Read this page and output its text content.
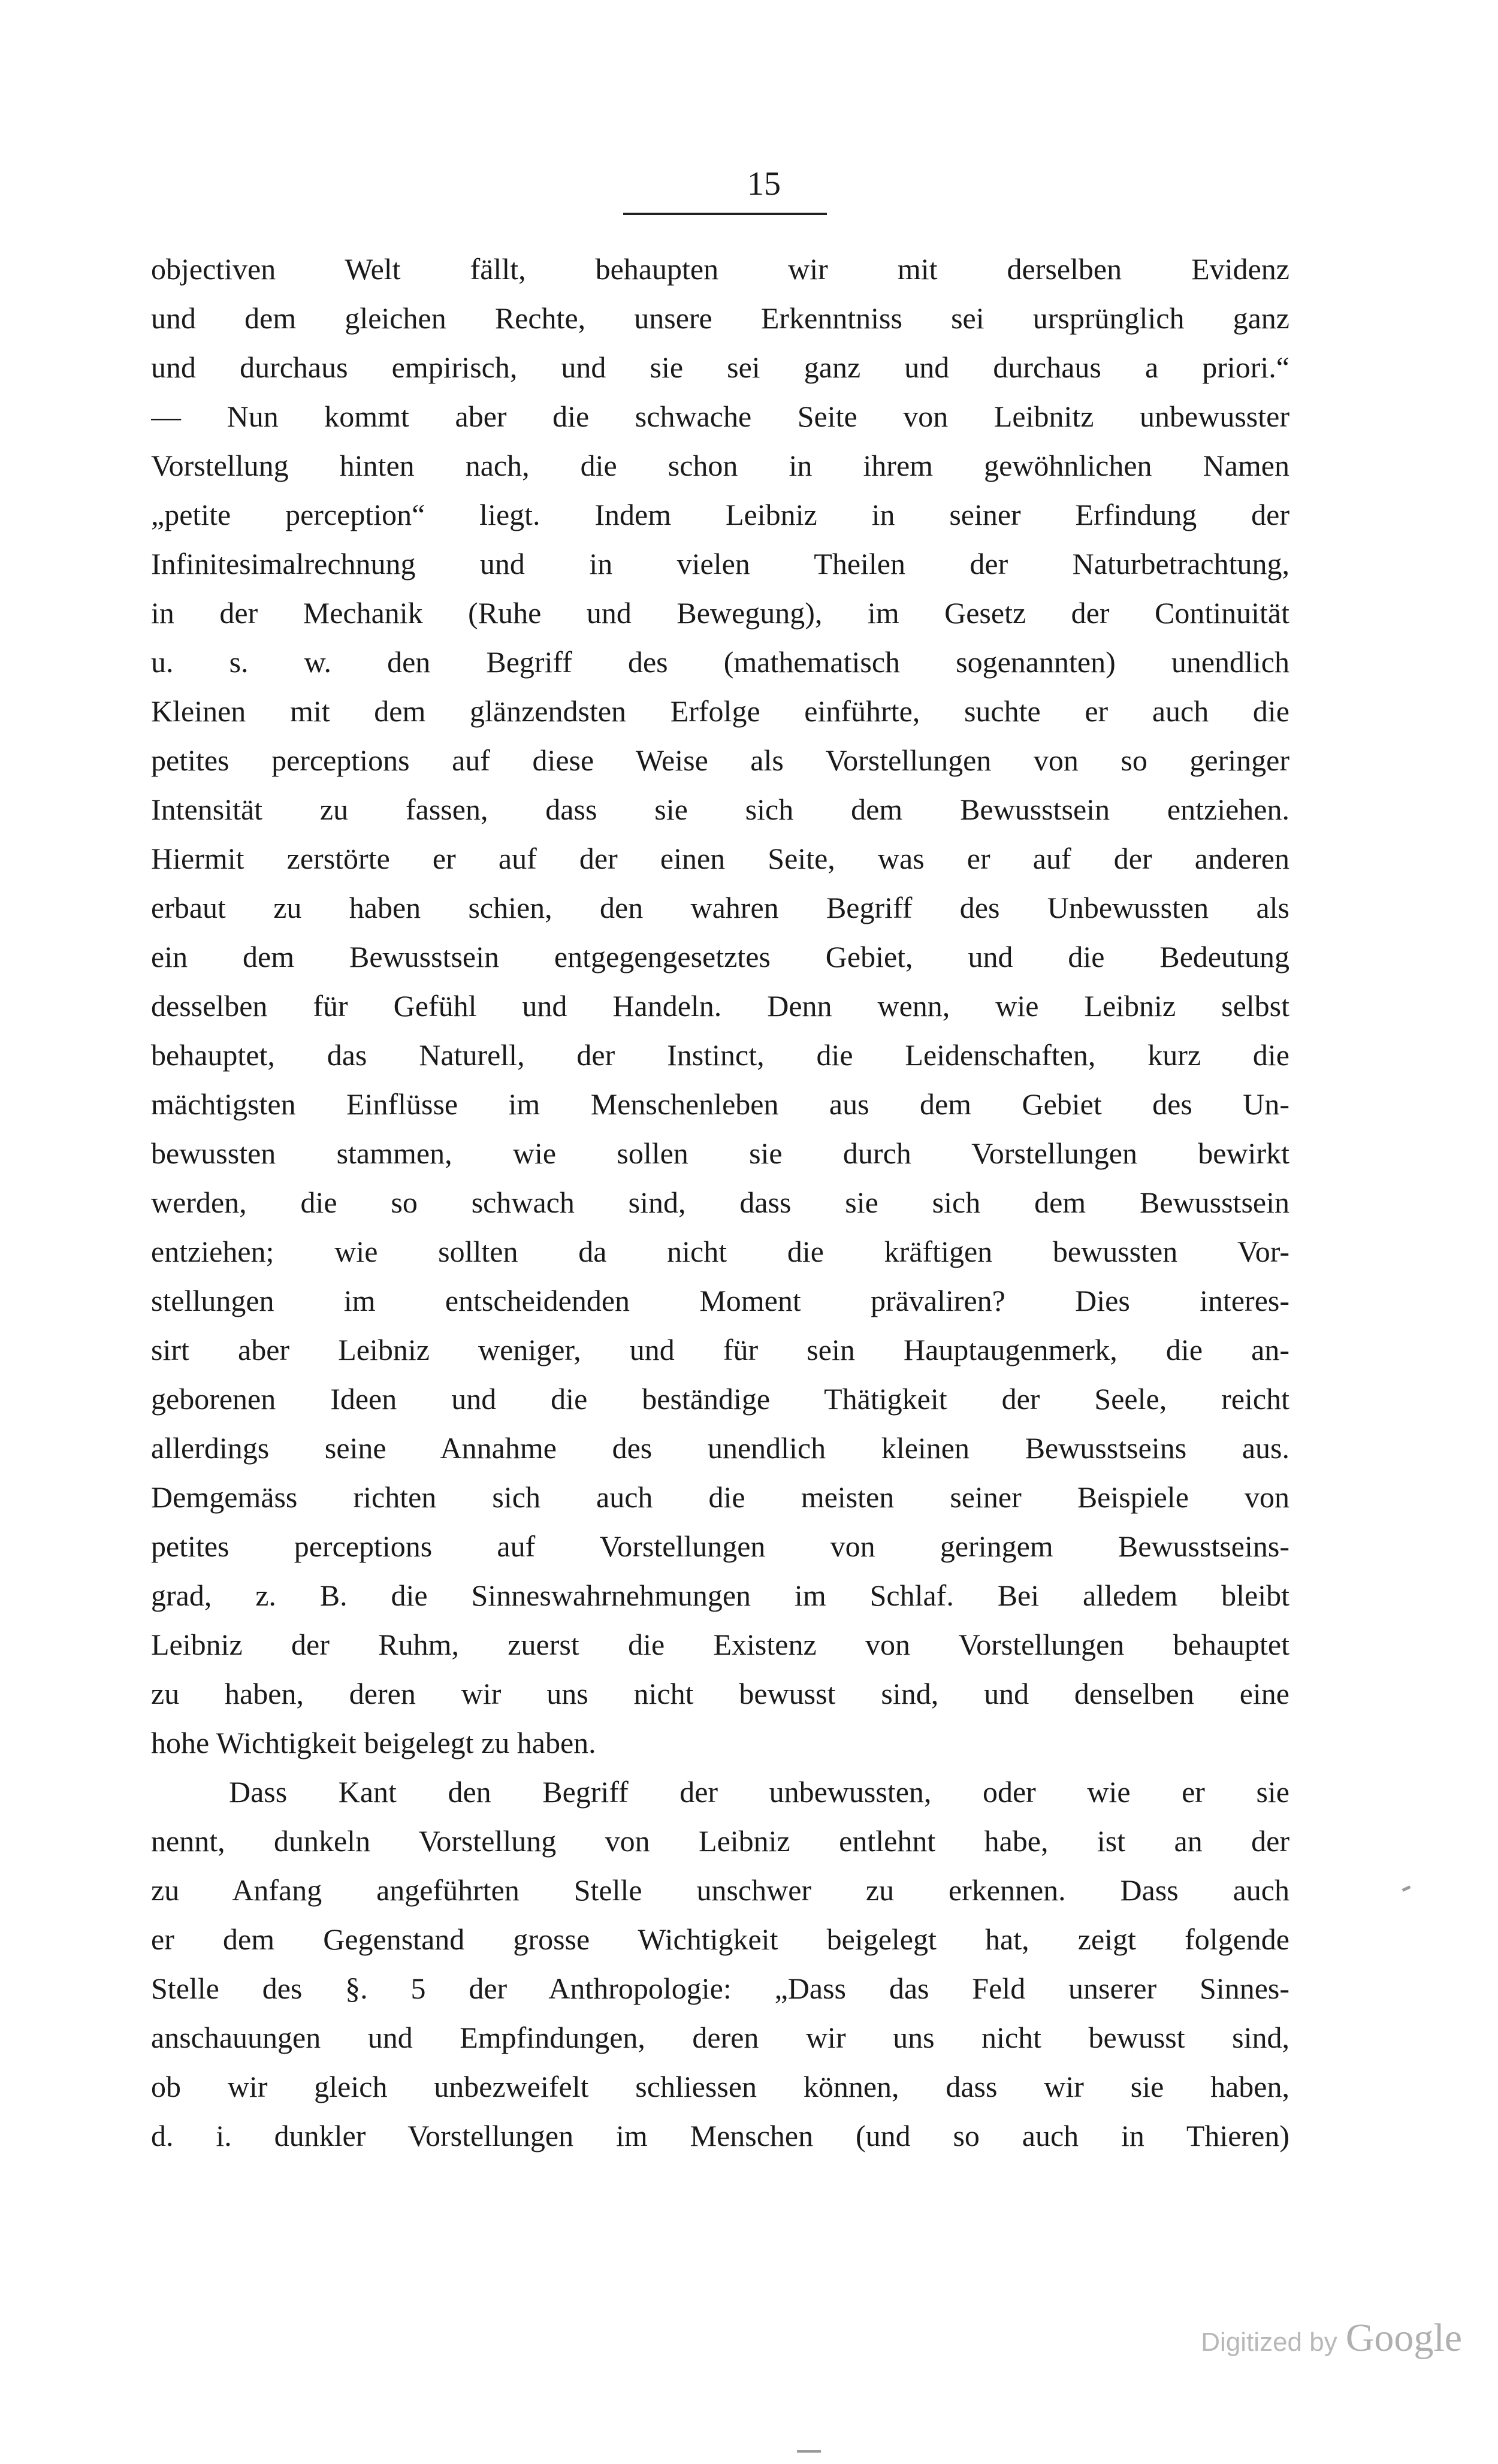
15
objectiven Welt fällt, behaupten wir mit derselben Evidenz
und dem gleichen Rechte, unsere Erkenntniss sei ursprünglich ganz
und durchaus empirisch, und sie sei ganz und durchaus a priori.“
— Nun kommt aber die schwache Seite von Leibnitz unbewusster
Vorstellung hinten nach, die schon in ihrem gewöhnlichen Namen
„petite perception“ liegt. Indem Leibniz in seiner Erfindung der
Infinitesimalrechnung und in vielen Theilen der Naturbetrachtung,
in der Mechanik (Ruhe und Bewegung), im Gesetz der Continuität
u. s. w. den Begriff des (mathematisch sogenannten) unendlich
Kleinen mit dem glänzendsten Erfolge einführte, suchte er auch die
petites perceptions auf diese Weise als Vorstellungen von so geringer
Intensität zu fassen, dass sie sich dem Bewusstsein entziehen.
Hiermit zerstörte er auf der einen Seite, was er auf der anderen
erbaut zu haben schien, den wahren Begriff des Unbewussten als
ein dem Bewusstsein entgegengesetztes Gebiet, und die Bedeutung
desselben für Gefühl und Handeln. Denn wenn, wie Leibniz selbst
behauptet, das Naturell, der Instinct, die Leidenschaften, kurz die
mächtigsten Einflüsse im Menschenleben aus dem Gebiet des Un-
bewussten stammen, wie sollen sie durch Vorstellungen bewirkt
werden, die so schwach sind, dass sie sich dem Bewusstsein
entziehen; wie sollten da nicht die kräftigen bewussten Vor-
stellungen im entscheidenden Moment prävaliren? Dies interes-
sirt aber Leibniz weniger, und für sein Hauptaugenmerk, die an-
geborenen Ideen und die beständige Thätigkeit der Seele, reicht
allerdings seine Annahme des unendlich kleinen Bewusstseins aus.
Demgemäss richten sich auch die meisten seiner Beispiele von
petites perceptions auf Vorstellungen von geringem Bewusstseins-
grad, z. B. die Sinneswahrnehmungen im Schlaf. Bei alledem bleibt
Leibniz der Ruhm, zuerst die Existenz von Vorstellungen behauptet
zu haben, deren wir uns nicht bewusst sind, und denselben eine
hohe Wichtigkeit beigelegt zu haben.
Dass Kant den Begriff der unbewussten, oder wie er sie
nennt, dunkeln Vorstellung von Leibniz entlehnt habe, ist an der
zu Anfang angeführten Stelle unschwer zu erkennen. Dass auch
er dem Gegenstand grosse Wichtigkeit beigelegt hat, zeigt folgende
Stelle des §. 5 der Anthropologie: „Dass das Feld unserer Sinnes-
anschauungen und Empfindungen, deren wir uns nicht bewusst sind,
ob wir gleich unbezweifelt schliessen können, dass wir sie haben,
d. i. dunkler Vorstellungen im Menschen (und so auch in Thieren)
Digitized by Google
